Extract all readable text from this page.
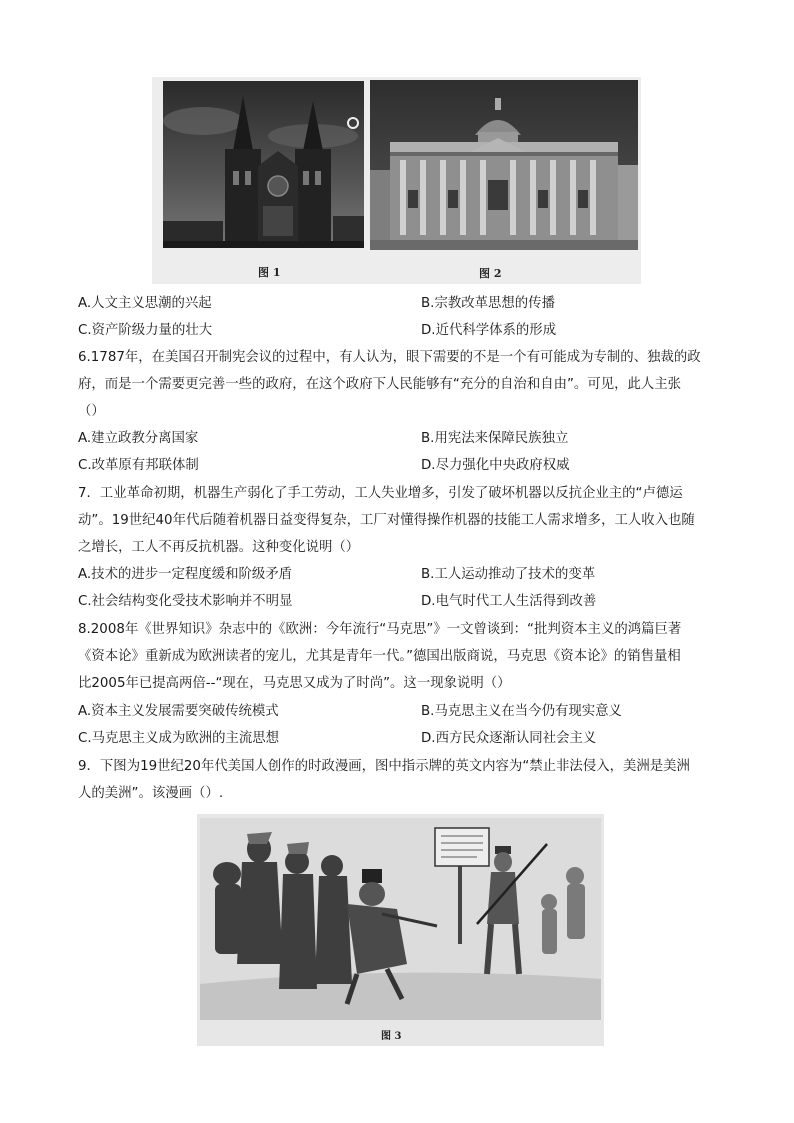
图 1	图 2
A.人文主义思潮的兴起	B.宗教改革思想的传播
C.资产阶级力量的壮大	D.近代科学体系的形成
6.1787年，在美国召开制宪会议的过程中，有人认为，眼下需要的不是一个有可能成为专制的、独裁的政
府，而是一个需要更完善一些的政府，在这个政府下人民能够有“充分的自治和自由”。可见，此人主张
（）
A.建立政教分离国家	B.用宪法来保障民族独立
C.改革原有邦联体制	D.尽力强化中央政府权威
7．工业革命初期，机器生产弱化了手工劳动，工人失业增多，引发了破坏机器以反抗企业主的“卢德运
动”。19世纪40年代后随着机器日益变得复杂，工厂对懂得操作机器的技能工人需求增多，工人收入也随
之增长，工人不再反抗机器。这种变化说明（）
A.技术的进步一定程度缓和阶级矛盾	B.工人运动推动了技术的变革
C.社会结构变化受技术影响并不明显	D.电气时代工人生活得到改善
8.2008年《世界知识》杂志中的《欧洲：今年流行“马克思”》一文曾谈到：“批判资本主义的鸿篇巨著
《资本论》重新成为欧洲读者的宠儿，尤其是青年一代。”德国出版商说，马克思《资本论》的销售量相
比2005年已提高两倍--“现在，马克思又成为了时尚”。这一现象说明（）
A.资本主义发展需要突破传统模式	B.马克思主义在当今仍有现实意义
C.马克思主义成为欧洲的主流思想	D.西方民众逐渐认同社会主义
9．下图为19世纪20年代美国人创作的时政漫画，图中指示牌的英文内容为“禁止非法侵入，美洲是美洲
人的美洲”。该漫画（）.
图 3
